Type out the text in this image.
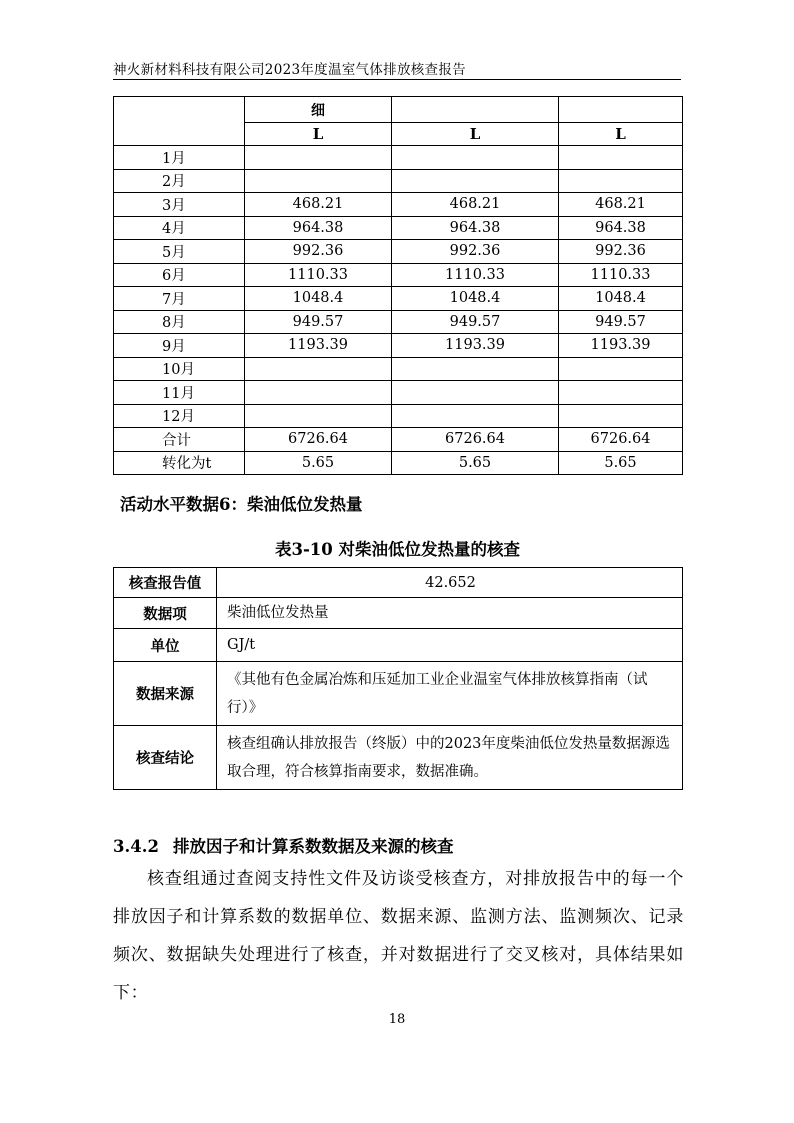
神火新材料科技有限公司2023年度温室气体排放核查报告
	细		
	L	L	L
1月			
2月			
3月	468.21	468.21	468.21
4月	964.38	964.38	964.38
5月	992.36	992.36	992.36
6月	1110.33	1110.33	1110.33
7月	1048.4	1048.4	1048.4
8月	949.57	949.57	949.57
9月	1193.39	1193.39	1193.39
10月			
11月			
12月			
合计	6726.64	6726.64	6726.64
转化为t	5.65	5.65	5.65
活动水平数据6：柴油低位发热量
表3-10 对柴油低位发热量的核查
核查报告值	42.652
数据项	柴油低位发热量
单位	GJ/t
数据来源	《其他有色金属冶炼和压延加工业企业温室气体排放核算指南（试行）》
核查结论	核查组确认排放报告（终版）中的2023年度柴油低位发热量数据源选取合理，符合核算指南要求，数据准确。
3.4.2 排放因子和计算系数数据及来源的核查
核查组通过查阅支持性文件及访谈受核查方，对排放报告中的每一个排放因子和计算系数的数据单位、数据来源、监测方法、监测频次、记录频次、数据缺失处理进行了核查，并对数据进行了交叉核对，具体结果如下：
18
